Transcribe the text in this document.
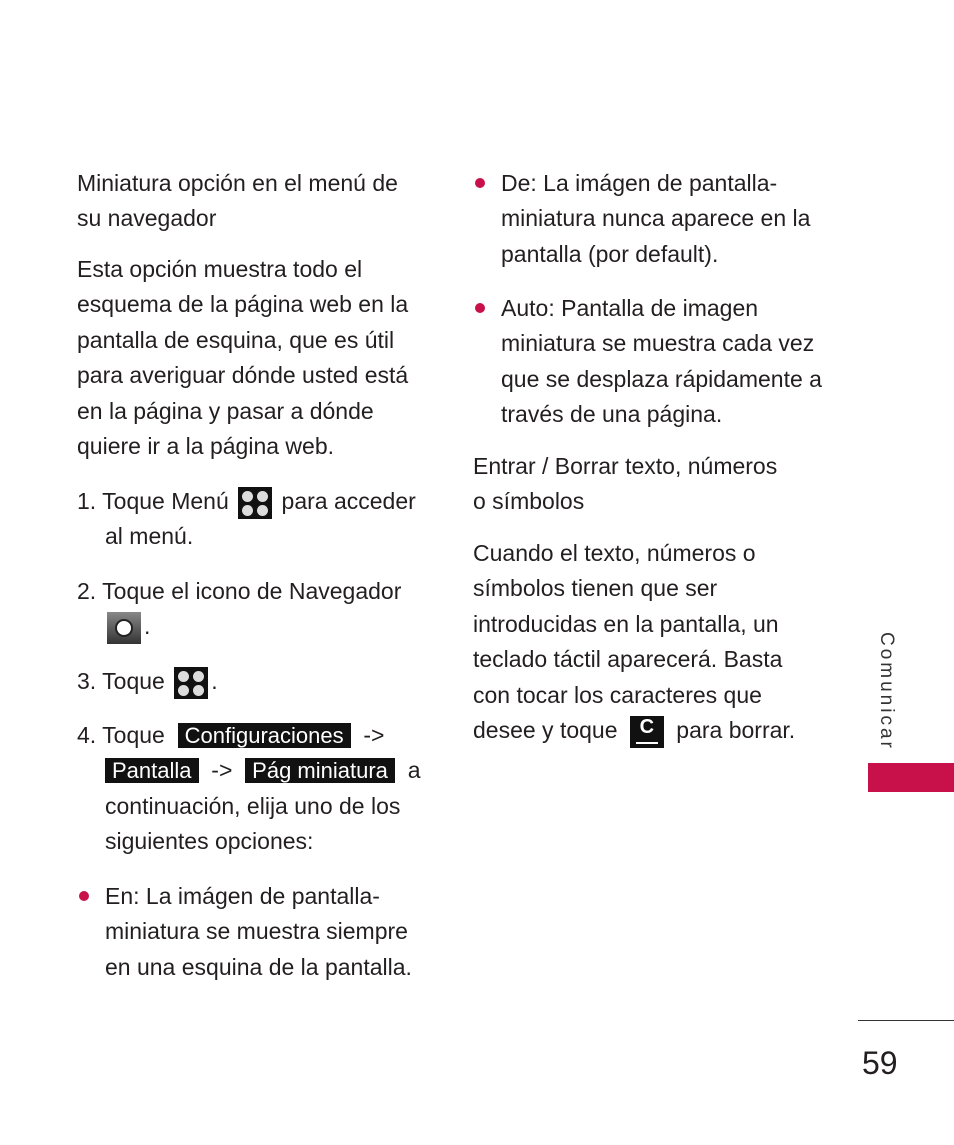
Miniatura opción en el menú de
su navegador
Esta opción muestra todo el
esquema de la página web en la
pantalla de esquina, que es útil
para averiguar dónde usted está
en la página y pasar a dónde
quiere ir a la página web.
1. Toque Menú para acceder
al menú.
2. Toque el icono de Navegador
.
3. Toque .
4. Toque Configuraciones ->
Pantalla -> Pág miniatura a
continuación, elija uno de los
siguientes opciones:
En: La imágen de pantalla-
miniatura se muestra siempre
en una esquina de la pantalla.
De: La imágen de pantalla-
miniatura nunca aparece en la
pantalla (por default).
Auto: Pantalla de imagen
miniatura se muestra cada vez
que se desplaza rápidamente a
través de una página.
Entrar / Borrar texto, números
o símbolos
Cuando el texto, números o
símbolos tienen que ser
introducidas en la pantalla, un
teclado táctil aparecerá. Basta
con tocar los caracteres que
desee y toque C para borrar.	Comunicar
59
